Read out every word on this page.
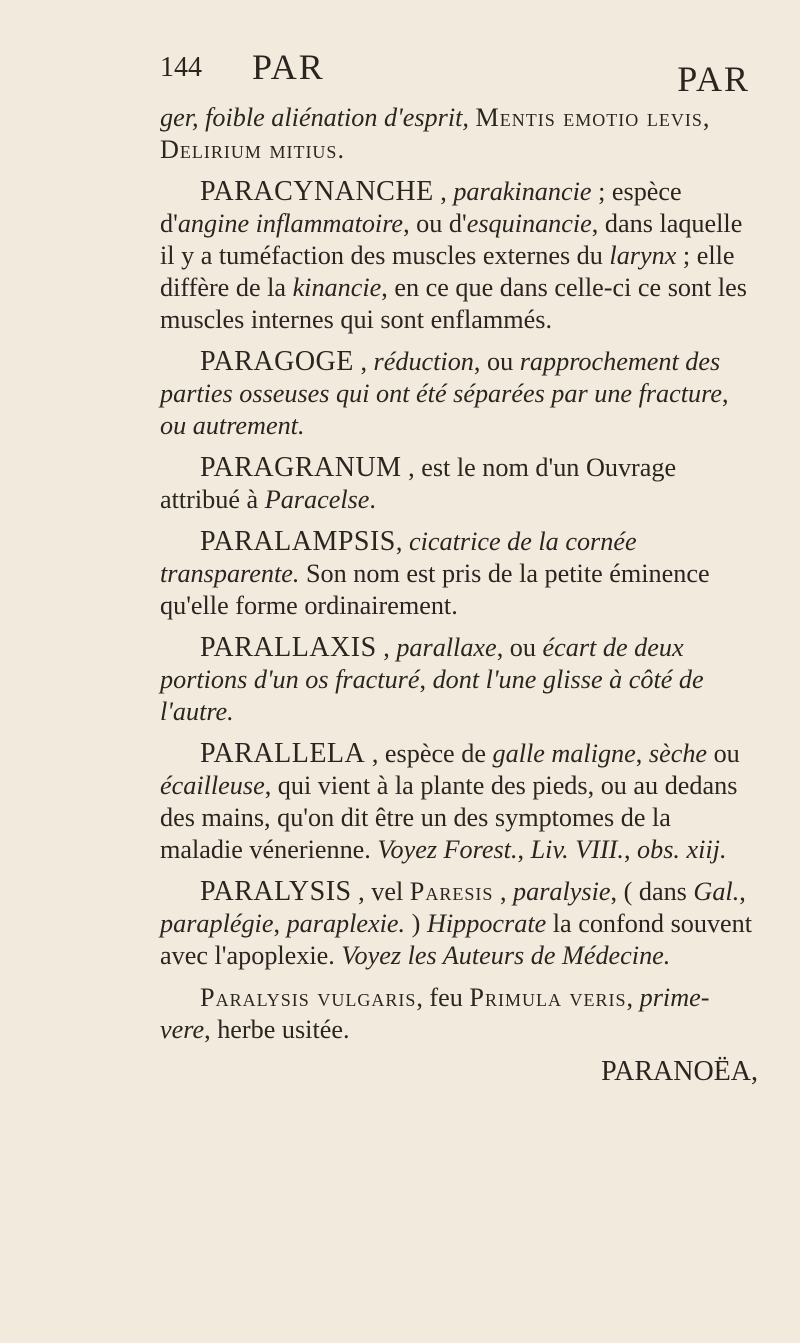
144 PAR	PAR

ger, foible aliénation d'esprit, Mentis emotio levis, Delirium mitius.

PARACYNANCHE , parakinancie ; espèce d'angine inflammatoire, ou d'esquinancie, dans laquelle il y a tuméfaction des muscles externes du larynx ; elle diffère de la kinancie, en ce que dans celle-ci ce sont les muscles internes qui sont enflammés.

PARAGOGE , réduction, ou rapprochement des parties osseuses qui ont été séparées par une fracture, ou autrement.

PARAGRANUM , est le nom d'un Ouvrage attribué à Paracelse.

PARALAMPSIS, cicatrice de la cornée transparente. Son nom est pris de la petite éminence qu'elle forme ordinairement.

PARALLAXIS , parallaxe, ou écart de deux portions d'un os fracturé, dont l'une glisse à côté de l'autre.

PARALLELA , espèce de galle maligne, sèche ou écailleuse, qui vient à la plante des pieds, ou au dedans des mains, qu'on dit être un des symptomes de la maladie vénerienne. Voyez Forest., Liv. VIII., obs. xiij.

PARALYSIS , vel Paresis , paralysie, ( dans Gal., paraplégie, paraplexie. ) Hippocrate la confond souvent avec l'apoplexie. Voyez les Auteurs de Médecine.

Paralysis vulgaris, feu Primula veris, prime-vere, herbe usitée.

PARANOËA,
